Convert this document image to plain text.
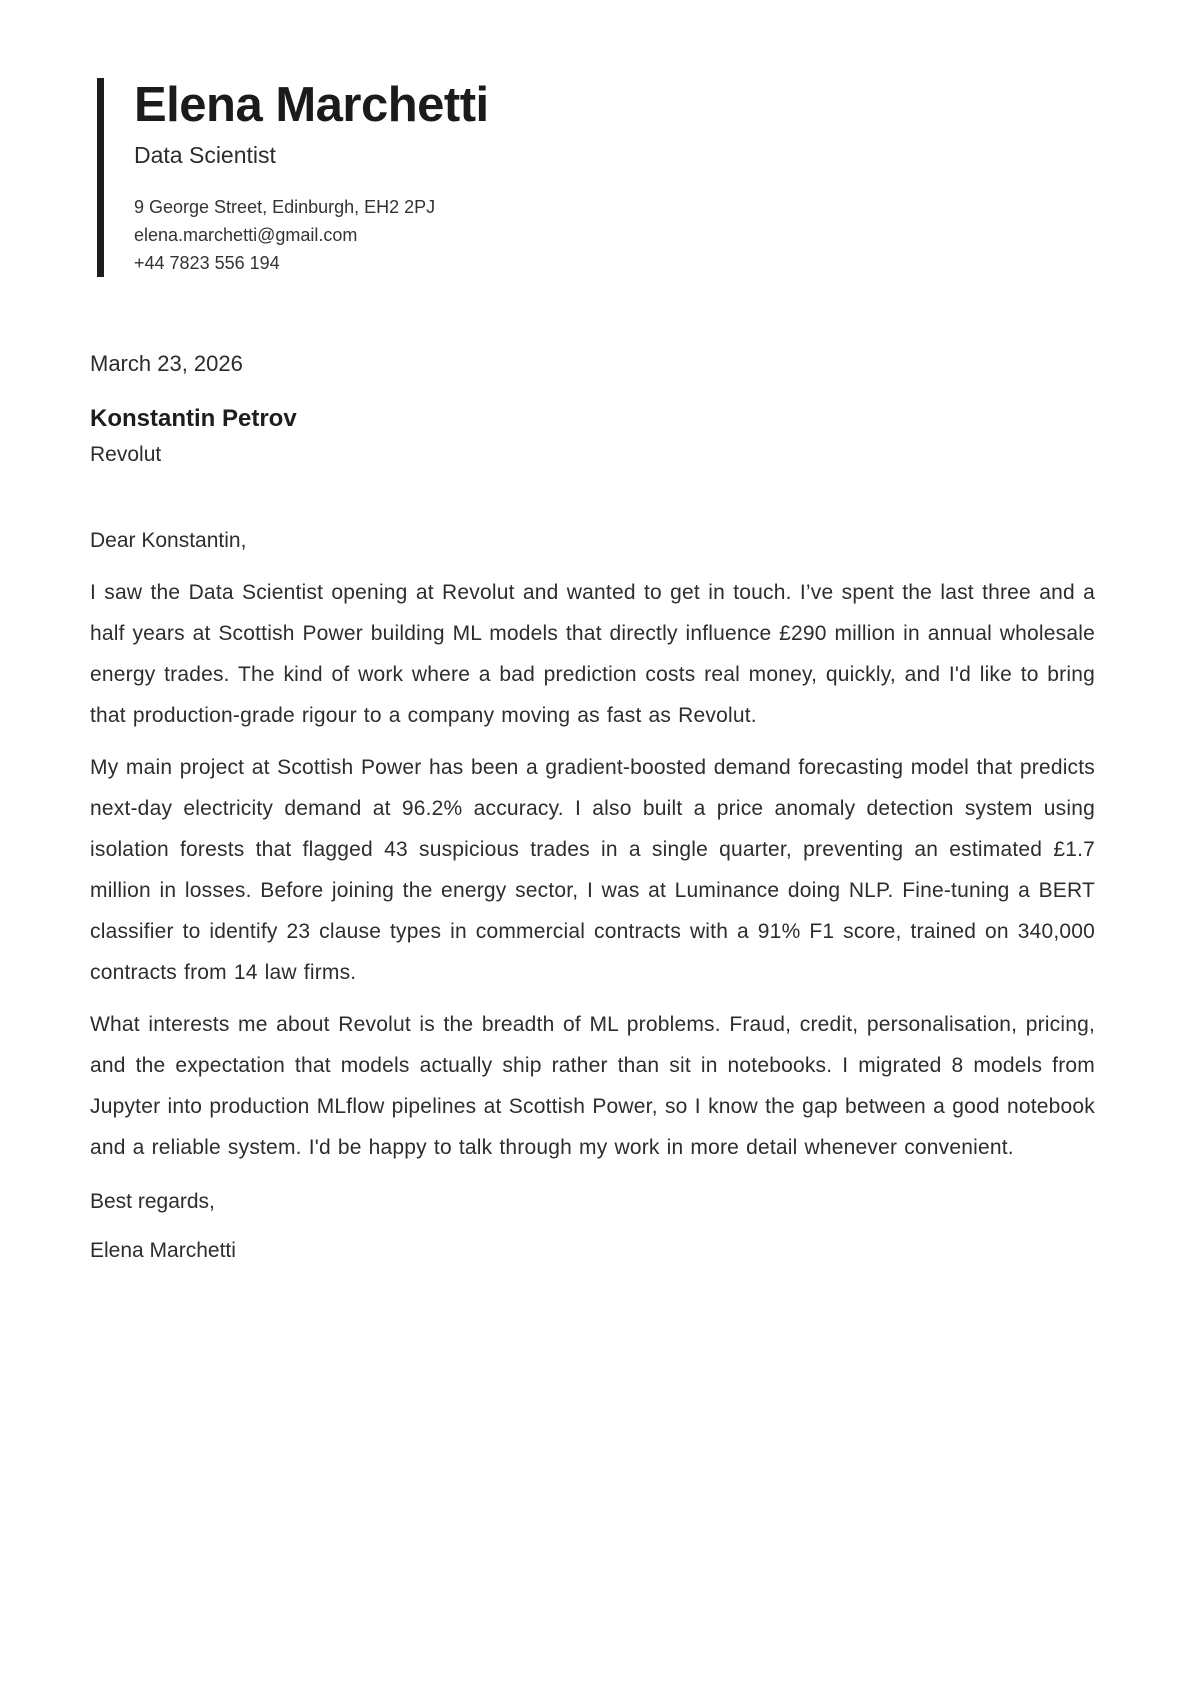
Elena Marchetti
Data Scientist
9 George Street, Edinburgh, EH2 2PJ
elena.marchetti@gmail.com
+44 7823 556 194
March 23, 2026
Konstantin Petrov
Revolut
Dear Konstantin,

I saw the Data Scientist opening at Revolut and wanted to get in touch. I’ve spent the last three and a half years at Scottish Power building ML models that directly influence £290 million in annual wholesale energy trades. The kind of work where a bad prediction costs real money, quickly, and I'd like to bring that production-grade rigour to a company moving as fast as Revolut.

My main project at Scottish Power has been a gradient-boosted demand forecasting model that predicts next-day electricity demand at 96.2% accuracy. I also built a price anomaly detection system using isolation forests that flagged 43 suspicious trades in a single quarter, preventing an estimated £1.7 million in losses. Before joining the energy sector, I was at Luminance doing NLP. Fine-tuning a BERT classifier to identify 23 clause types in commercial contracts with a 91% F1 score, trained on 340,000 contracts from 14 law firms.

What interests me about Revolut is the breadth of ML problems. Fraud, credit, personalisation, pricing, and the expectation that models actually ship rather than sit in notebooks. I migrated 8 models from Jupyter into production MLflow pipelines at Scottish Power, so I know the gap between a good notebook and a reliable system. I'd be happy to talk through my work in more detail whenever convenient.

Best regards,
Elena Marchetti
